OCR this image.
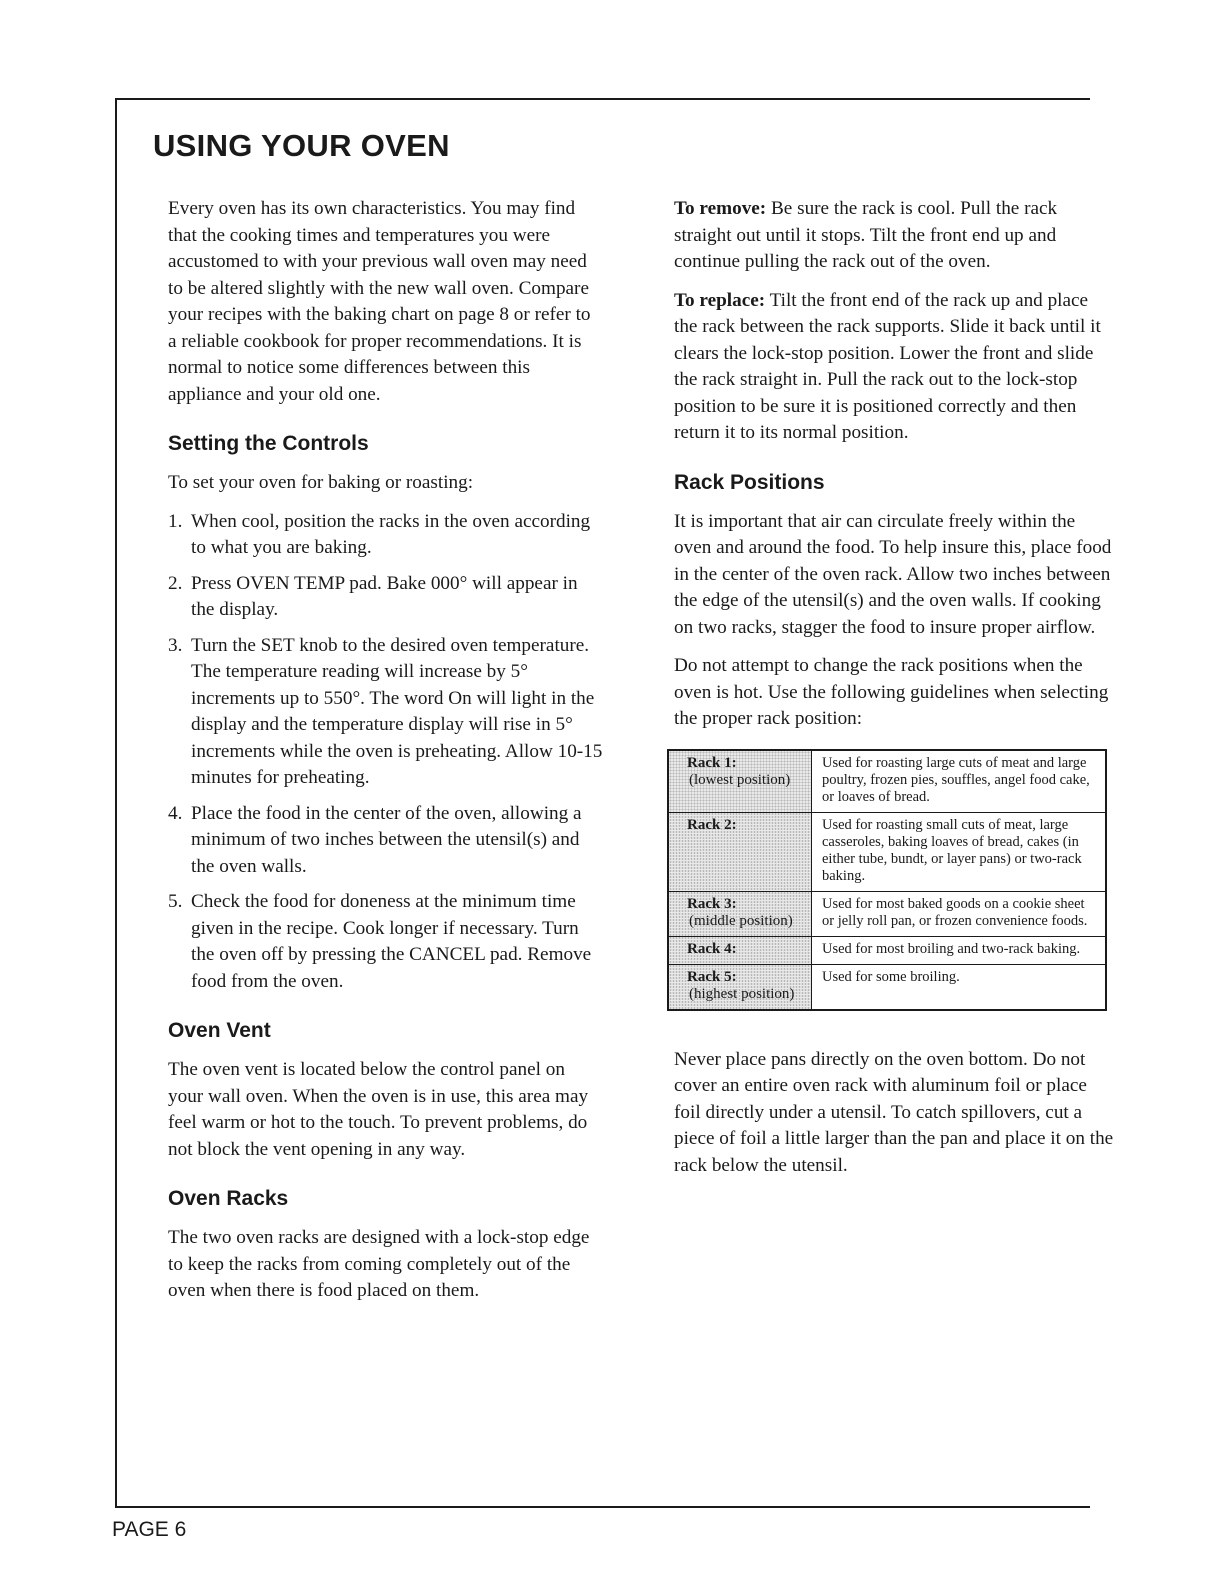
USING YOUR OVEN

Every oven has its own characteristics. You may find that the cooking times and temperatures you were accustomed to with your previous wall oven may need to be altered slightly with the new wall oven. Compare your recipes with the baking chart on page 8 or refer to a reliable cookbook for proper recommendations. It is normal to notice some differences between this appliance and your old one.

Setting the Controls

To set your oven for baking or roasting:

1. When cool, position the racks in the oven according to what you are baking.
2. Press OVEN TEMP pad. Bake 000° will appear in the display.
3. Turn the SET knob to the desired oven temperature. The temperature reading will increase by 5° increments up to 550°. The word On will light in the display and the temperature display will rise in 5° increments while the oven is preheating. Allow 10-15 minutes for preheating.
4. Place the food in the center of the oven, allowing a minimum of two inches between the utensil(s) and the oven walls.
5. Check the food for doneness at the minimum time given in the recipe. Cook longer if necessary. Turn the oven off by pressing the CANCEL pad. Remove food from the oven.
Oven Vent

The oven vent is located below the control panel on your wall oven. When the oven is in use, this area may feel warm or hot to the touch. To prevent problems, do not block the vent opening in any way.

Oven Racks

The two oven racks are designed with a lock-stop edge to keep the racks from coming completely out of the oven when there is food placed on them.

To remove: Be sure the rack is cool. Pull the rack straight out until it stops. Tilt the front end up and continue pulling the rack out of the oven.

To replace: Tilt the front end of the rack up and place the rack between the rack supports. Slide it back until it clears the lock-stop position. Lower the front and slide the rack straight in. Pull the rack out to the lock-stop position to be sure it is positioned correctly and then return it to its normal position.

Rack Positions

It is important that air can circulate freely within the oven and around the food. To help insure this, place food in the center of the oven rack. Allow two inches between the edge of the utensil(s) and the oven walls. If cooking on two racks, stagger the food to insure proper airflow.

Do not attempt to change the rack positions when the oven is hot. Use the following guidelines when selecting the proper rack position:

Rack 1:
(lowest position)	Used for roasting large cuts of meat and large poultry, frozen pies, souffles, angel food cake, or loaves of bread.

Rack 2:	Used for roasting small cuts of meat, large casseroles, baking loaves of bread, cakes (in either tube, bundt, or layer pans) or two-rack baking.

Rack 3:
(middle position)	Used for most baked goods on a cookie sheet or jelly roll pan, or frozen convenience foods.

Rack 4:	Used for most broiling and two-rack baking.

Rack 5:
(highest position)	Used for some broiling.

Never place pans directly on the oven bottom. Do not cover an entire oven rack with aluminum foil or place foil directly under a utensil. To catch spillovers, cut a piece of foil a little larger than the pan and place it on the rack below the utensil.

PAGE 6
